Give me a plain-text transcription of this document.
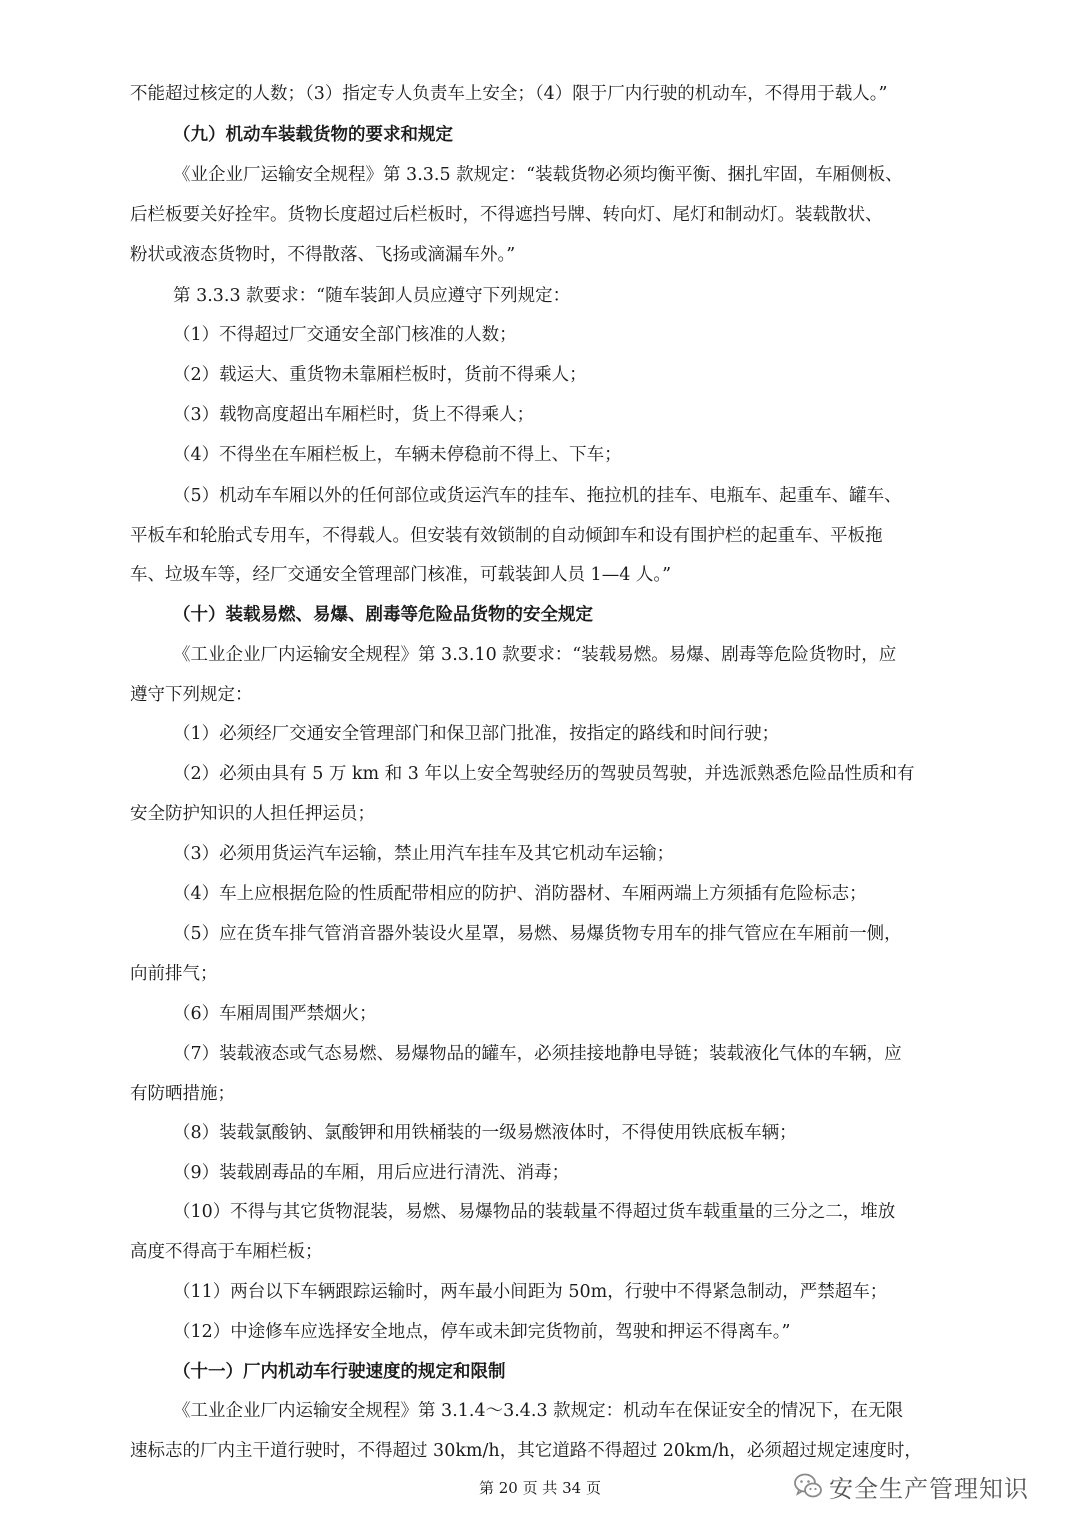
不能超过核定的人数；（3）指定专人负责车上安全；（4）限于厂内行驶的机动车，不得用于载人。”
（九）机动车装载货物的要求和规定
《业企业厂运输安全规程》第 3.3.5 款规定：“装载货物必须均衡平衡、捆扎牢固，车厢侧板、
后栏板要关好拴牢。货物长度超过后栏板时，不得遮挡号牌、转向灯、尾灯和制动灯。装载散状、
粉状或液态货物时，不得散落、飞扬或滴漏车外。”
第 3.3.3 款要求：“随车装卸人员应遵守下列规定：
（1）不得超过厂交通安全部门核准的人数；
（2）载运大、重货物未靠厢栏板时，货前不得乘人；
（3）载物高度超出车厢栏时，货上不得乘人；
（4）不得坐在车厢栏板上，车辆未停稳前不得上、下车；
（5）机动车车厢以外的任何部位或货运汽车的挂车、拖拉机的挂车、电瓶车、起重车、罐车、
平板车和轮胎式专用车，不得载人。但安装有效锁制的自动倾卸车和设有围护栏的起重车、平板拖
车、垃圾车等，经厂交通安全管理部门核准，可载装卸人员 1—4 人。”
（十）装载易燃、易爆、剧毒等危险品货物的安全规定
《工业企业厂内运输安全规程》第 3.3.10 款要求：“装载易燃。易爆、剧毒等危险货物时，应
遵守下列规定：
（1）必须经厂交通安全管理部门和保卫部门批准，按指定的路线和时间行驶；
（2）必须由具有 5 万 km 和 3 年以上安全驾驶经历的驾驶员驾驶，并选派熟悉危险品性质和有
安全防护知识的人担任押运员；
（3）必须用货运汽车运输，禁止用汽车挂车及其它机动车运输；
（4）车上应根据危险的性质配带相应的防护、消防器材、车厢两端上方须插有危险标志；
（5）应在货车排气管消音器外装设火星罩，易燃、易爆货物专用车的排气管应在车厢前一侧，
向前排气；
（6）车厢周围严禁烟火；
（7）装载液态或气态易燃、易爆物品的罐车，必须挂接地静电导链；装载液化气体的车辆，应
有防晒措施；
（8）装载氯酸钠、氯酸钾和用铁桶装的一级易燃液体时，不得使用铁底板车辆；
（9）装载剧毒品的车厢，用后应进行清洗、消毒；
（10）不得与其它货物混装，易燃、易爆物品的装载量不得超过货车载重量的三分之二，堆放
高度不得高于车厢栏板；
（11）两台以下车辆跟踪运输时，两车最小间距为 50m，行驶中不得紧急制动，严禁超车；
（12）中途修车应选择安全地点，停车或未卸完货物前，驾驶和押运不得离车。”
（十一）厂内机动车行驶速度的规定和限制
《工业企业厂内运输安全规程》第 3.1.4～3.4.3 款规定：机动车在保证安全的情况下，在无限
速标志的厂内主干道行驶时，不得超过 30km/h，其它道路不得超过 20km/h，必须超过规定速度时，
第 20 页 共 34 页	安全生产管理知识
